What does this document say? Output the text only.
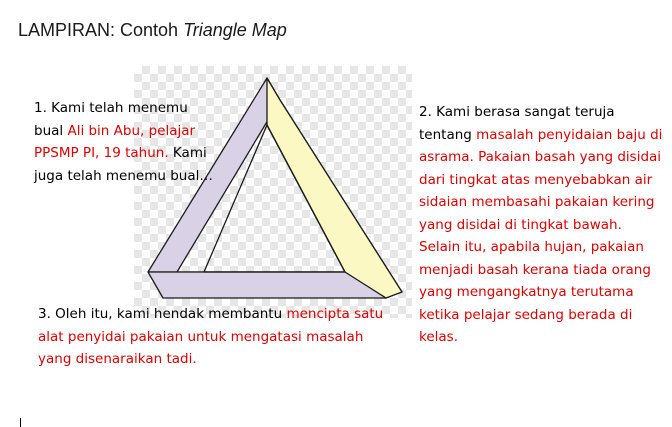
LAMPIRAN: Contoh Triangle Map
1. Kami telah menemu bual Ali bin Abu, pelajar PPSMP PI, 19 tahun. Kami juga telah menemu bual…
2. Kami berasa sangat teruja tentang masalah penyidaian baju di asrama. Pakaian basah yang disidai dari tingkat atas menyebabkan air sidaian membasahi pakaian kering yang disidai di tingkat bawah. Selain itu, apabila hujan, pakaian menjadi basah kerana tiada orang yang mengangkatnya terutama ketika pelajar sedang berada di kelas.
3. Oleh itu, kami hendak membantu mencipta satu alat penyidai pakaian untuk mengatasi masalah yang disenaraikan tadi.
